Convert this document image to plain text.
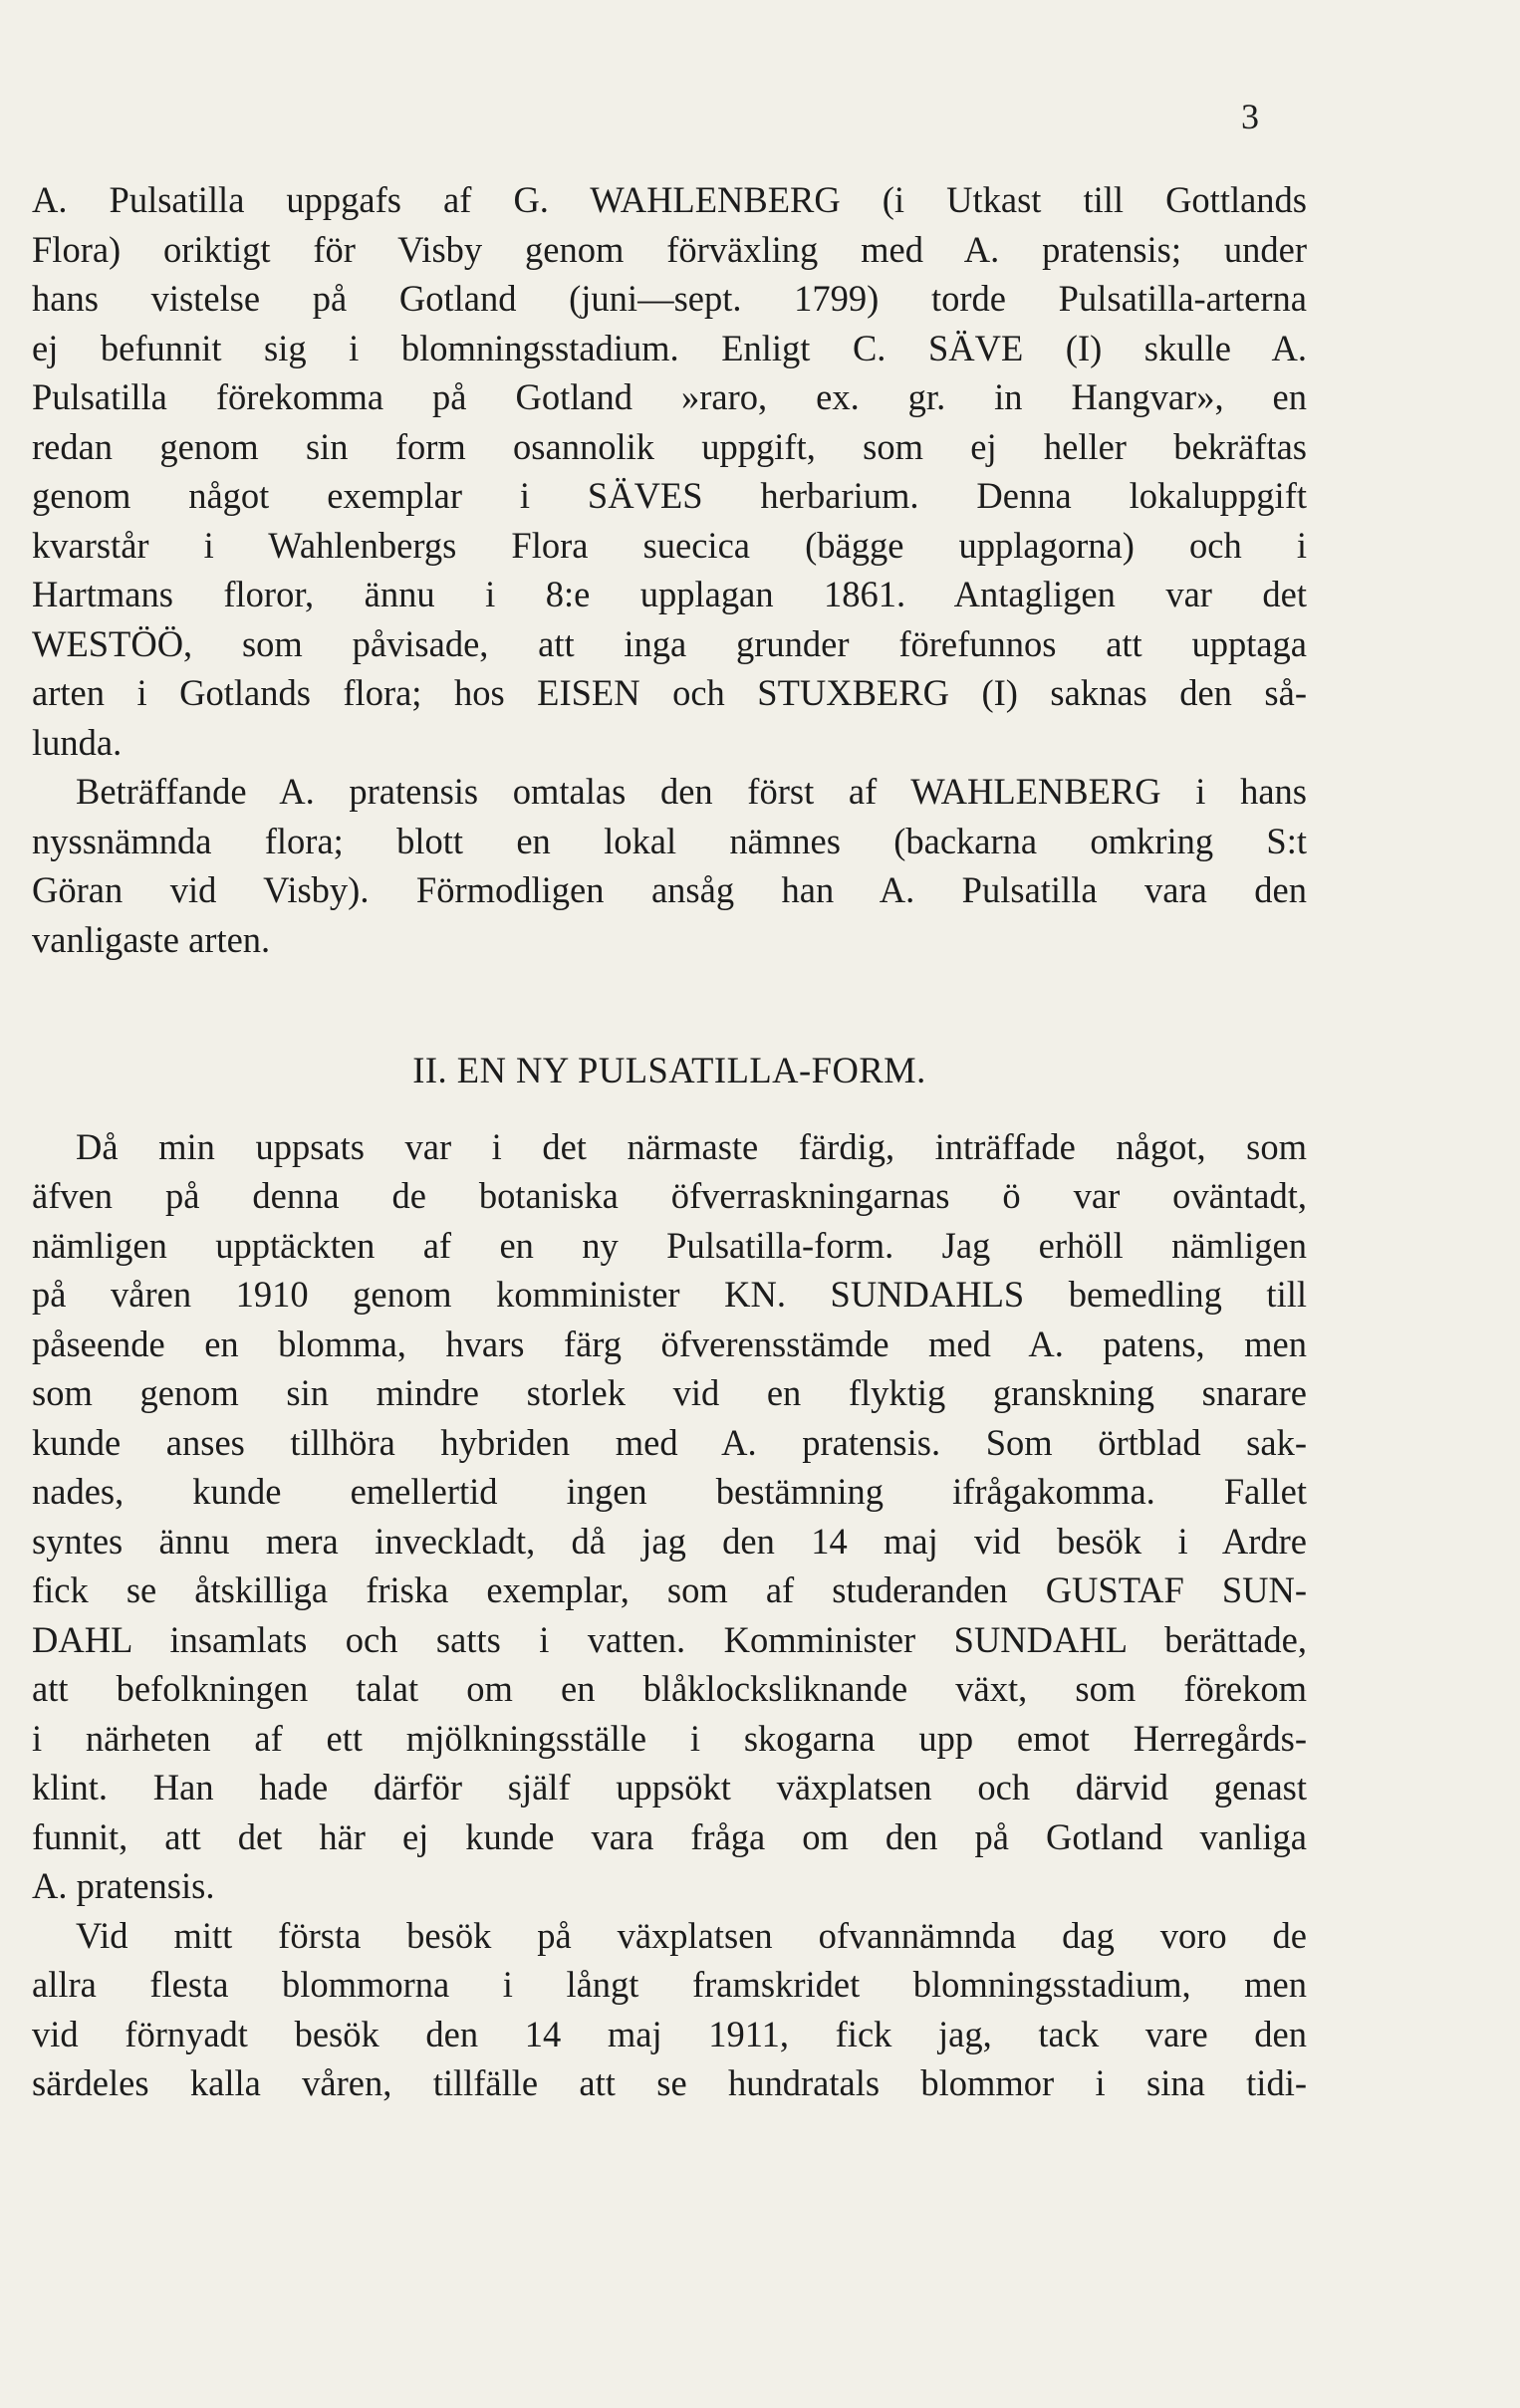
3
A. Pulsatilla uppgafs af G. WAHLENBERG (i Utkast till Gottlands
Flora) oriktigt för Visby genom förväxling med A. pratensis; under
hans vistelse på Gotland (juni—sept. 1799) torde Pulsatilla-arterna
ej befunnit sig i blomningsstadium. Enligt C. SÄVE (I) skulle A.
Pulsatilla förekomma på Gotland »raro, ex. gr. in Hangvar», en
redan genom sin form osannolik uppgift, som ej heller bekräftas
genom något exemplar i SÄVES herbarium. Denna lokaluppgift
kvarstår i Wahlenbergs Flora suecica (bägge upplagorna) och i
Hartmans floror, ännu i 8:e upplagan 1861. Antagligen var det
WESTÖÖ, som påvisade, att inga grunder förefunnos att upptaga
arten i Gotlands flora; hos EISEN och STUXBERG (I) saknas den så-
lunda.
Beträffande A. pratensis omtalas den först af WAHLENBERG i hans
nyssnämnda flora; blott en lokal nämnes (backarna omkring S:t
Göran vid Visby). Förmodligen ansåg han A. Pulsatilla vara den
vanligaste arten.
II. EN NY PULSATILLA-FORM.
Då min uppsats var i det närmaste färdig, inträffade något, som
äfven på denna de botaniska öfverraskningarnas ö var oväntadt,
nämligen upptäckten af en ny Pulsatilla-form. Jag erhöll nämligen
på våren 1910 genom komminister KN. SUNDAHLS bemedling till
påseende en blomma, hvars färg öfverensstämde med A. patens, men
som genom sin mindre storlek vid en flyktig granskning snarare
kunde anses tillhöra hybriden med A. pratensis. Som örtblad sak-
nades, kunde emellertid ingen bestämning ifrågakomma. Fallet
syntes ännu mera inveckladt, då jag den 14 maj vid besök i Ardre
fick se åtskilliga friska exemplar, som af studeranden GUSTAF SUN-
DAHL insamlats och satts i vatten. Komminister SUNDAHL berättade,
att befolkningen talat om en blåklocksliknande växt, som förekom
i närheten af ett mjölkningsställe i skogarna upp emot Herregårds-
klint. Han hade därför själf uppsökt växplatsen och därvid genast
funnit, att det här ej kunde vara fråga om den på Gotland vanliga
A. pratensis.
Vid mitt första besök på växplatsen ofvannämnda dag voro de
allra flesta blommorna i långt framskridet blomningsstadium, men
vid förnyadt besök den 14 maj 1911, fick jag, tack vare den
särdeles kalla våren, tillfälle att se hundratals blommor i sina tidi-
